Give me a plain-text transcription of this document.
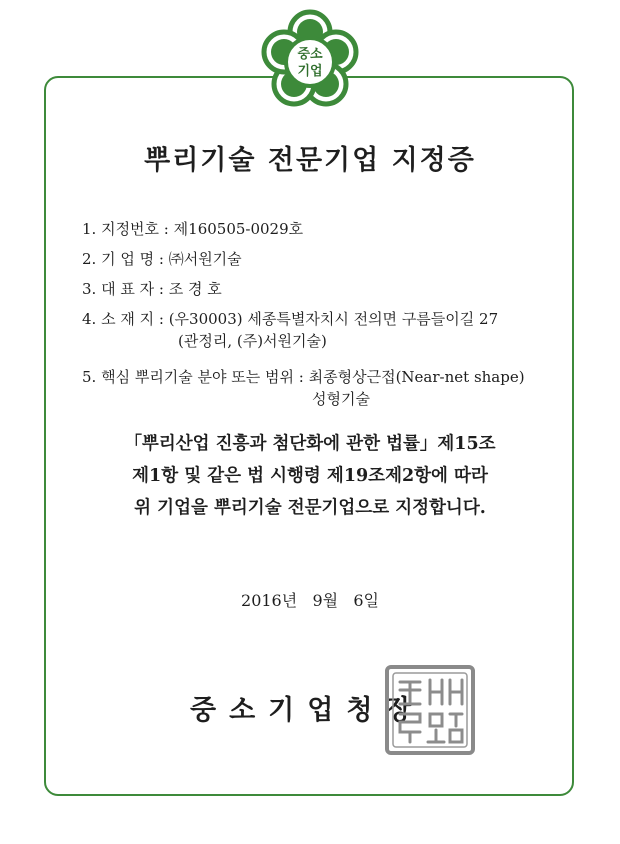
중소
기업
뿌리기술 전문기업 지정증
1. 지정번호 : 제160505-0029호
2. 기 업 명 : ㈜서원기술
3. 대 표 자 : 조 경 호
4. 소 재 지 : (우30003) 세종특별자치시 전의면 구름들이길 27
(관정리, (주)서원기술)
5. 핵심 뿌리기술 분야 또는 범위 : 최종형상근접(Near-net shape)
성형기술
「뿌리산업 진흥과 첨단화에 관한 법률」제15조
제1항 및 같은 법 시행령 제19조제2항에 따라
위 기업을 뿌리기술 전문기업으로 지정합니다.
2016년   9월   6일
중소기업청장
